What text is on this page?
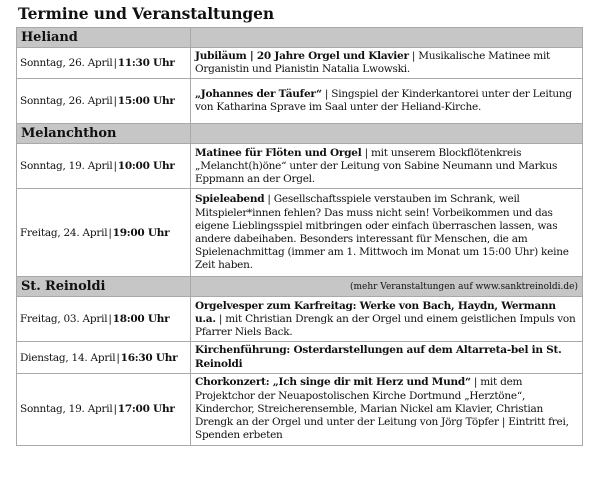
Termine und Veranstaltungen
Heliand	
Sonntag, 26. April|11:30 Uhr	Jubiläum | 20 Jahre Orgel und Klavier | Musikalische Matinee mit Organistin und Pianistin Natalia Lwowski.
Sonntag, 26. April|15:00 Uhr	„Johannes der Täufer“ | Singspiel der Kinderkantorei unter der Leitung von Katharina Sprave im Saal unter der Heliand-Kirche.
Melanchthon	
Sonntag, 19. April|10:00 Uhr	Matinee für Flöten und Orgel | mit unserem Blockflötenkreis „Melancht(h)öne“ unter der Leitung von Sabine Neumann und Markus Eppmann an der Orgel.
Freitag, 24. April|19:00 Uhr	Spieleabend | Gesellschaftsspiele verstauben im Schrank, weil Mitspieler*innen fehlen? Das muss nicht sein! Vorbeikommen und das eigene Lieblingsspiel mitbringen oder einfach überraschen lassen, was andere dabeihaben. Besonders interessant für Menschen, die am Spielenachmittag (immer am 1. Mittwoch im Monat um 15:00 Uhr) keine Zeit haben.
St. Reinoldi	(mehr Veranstaltungen auf www.sanktreinoldi.de)
Freitag, 03. April|18:00 Uhr	Orgelvesper zum Karfreitag: Werke von Bach, Haydn, Wermann u.a. | mit Christian Drengk an der Orgel und einem geistlichen Impuls von Pfarrer Niels Back.
Dienstag, 14. April|16:30 Uhr	Kirchenführung: Osterdarstellungen auf dem Altarreta-bel in St. Reinoldi
Sonntag, 19. April|17:00 Uhr	Chorkonzert: „Ich singe dir mit Herz und Mund“ | mit dem Projektchor der Neuapostolischen Kirche Dortmund „Herztöne“, Kinderchor, Streicherensemble, Marian Nickel am Klavier, Christian Drengk an der Orgel und unter der Leitung von Jörg Töpfer | Eintritt frei, Spenden erbeten
